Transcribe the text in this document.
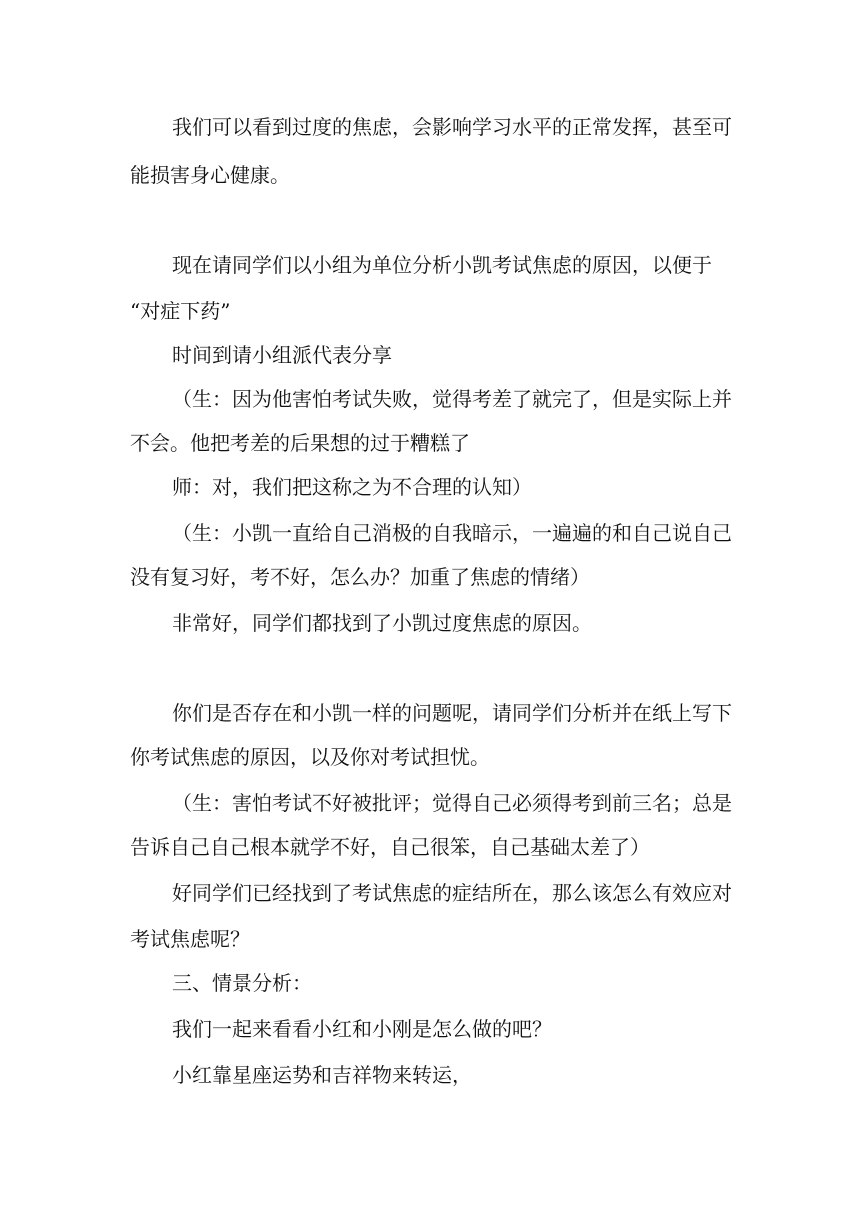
我们可以看到过度的焦虑，会影响学习水平的正常发挥，甚至可
能损害身心健康。
现在请同学们以小组为单位分析小凯考试焦虑的原因，以便于
“对症下药”
时间到请小组派代表分享
（生：因为他害怕考试失败，觉得考差了就完了，但是实际上并
不会。他把考差的后果想的过于糟糕了
师：对，我们把这称之为不合理的认知）
（生：小凯一直给自己消极的自我暗示，一遍遍的和自己说自己
没有复习好，考不好，怎么办？加重了焦虑的情绪）
非常好，同学们都找到了小凯过度焦虑的原因。
你们是否存在和小凯一样的问题呢，请同学们分析并在纸上写下
你考试焦虑的原因，以及你对考试担忧。
（生：害怕考试不好被批评；觉得自己必须得考到前三名；总是
告诉自己自己根本就学不好，自己很笨，自己基础太差了）
好同学们已经找到了考试焦虑的症结所在，那么该怎么有效应对
考试焦虑呢？
三、情景分析：
我们一起来看看小红和小刚是怎么做的吧？
小红靠星座运势和吉祥物来转运，
